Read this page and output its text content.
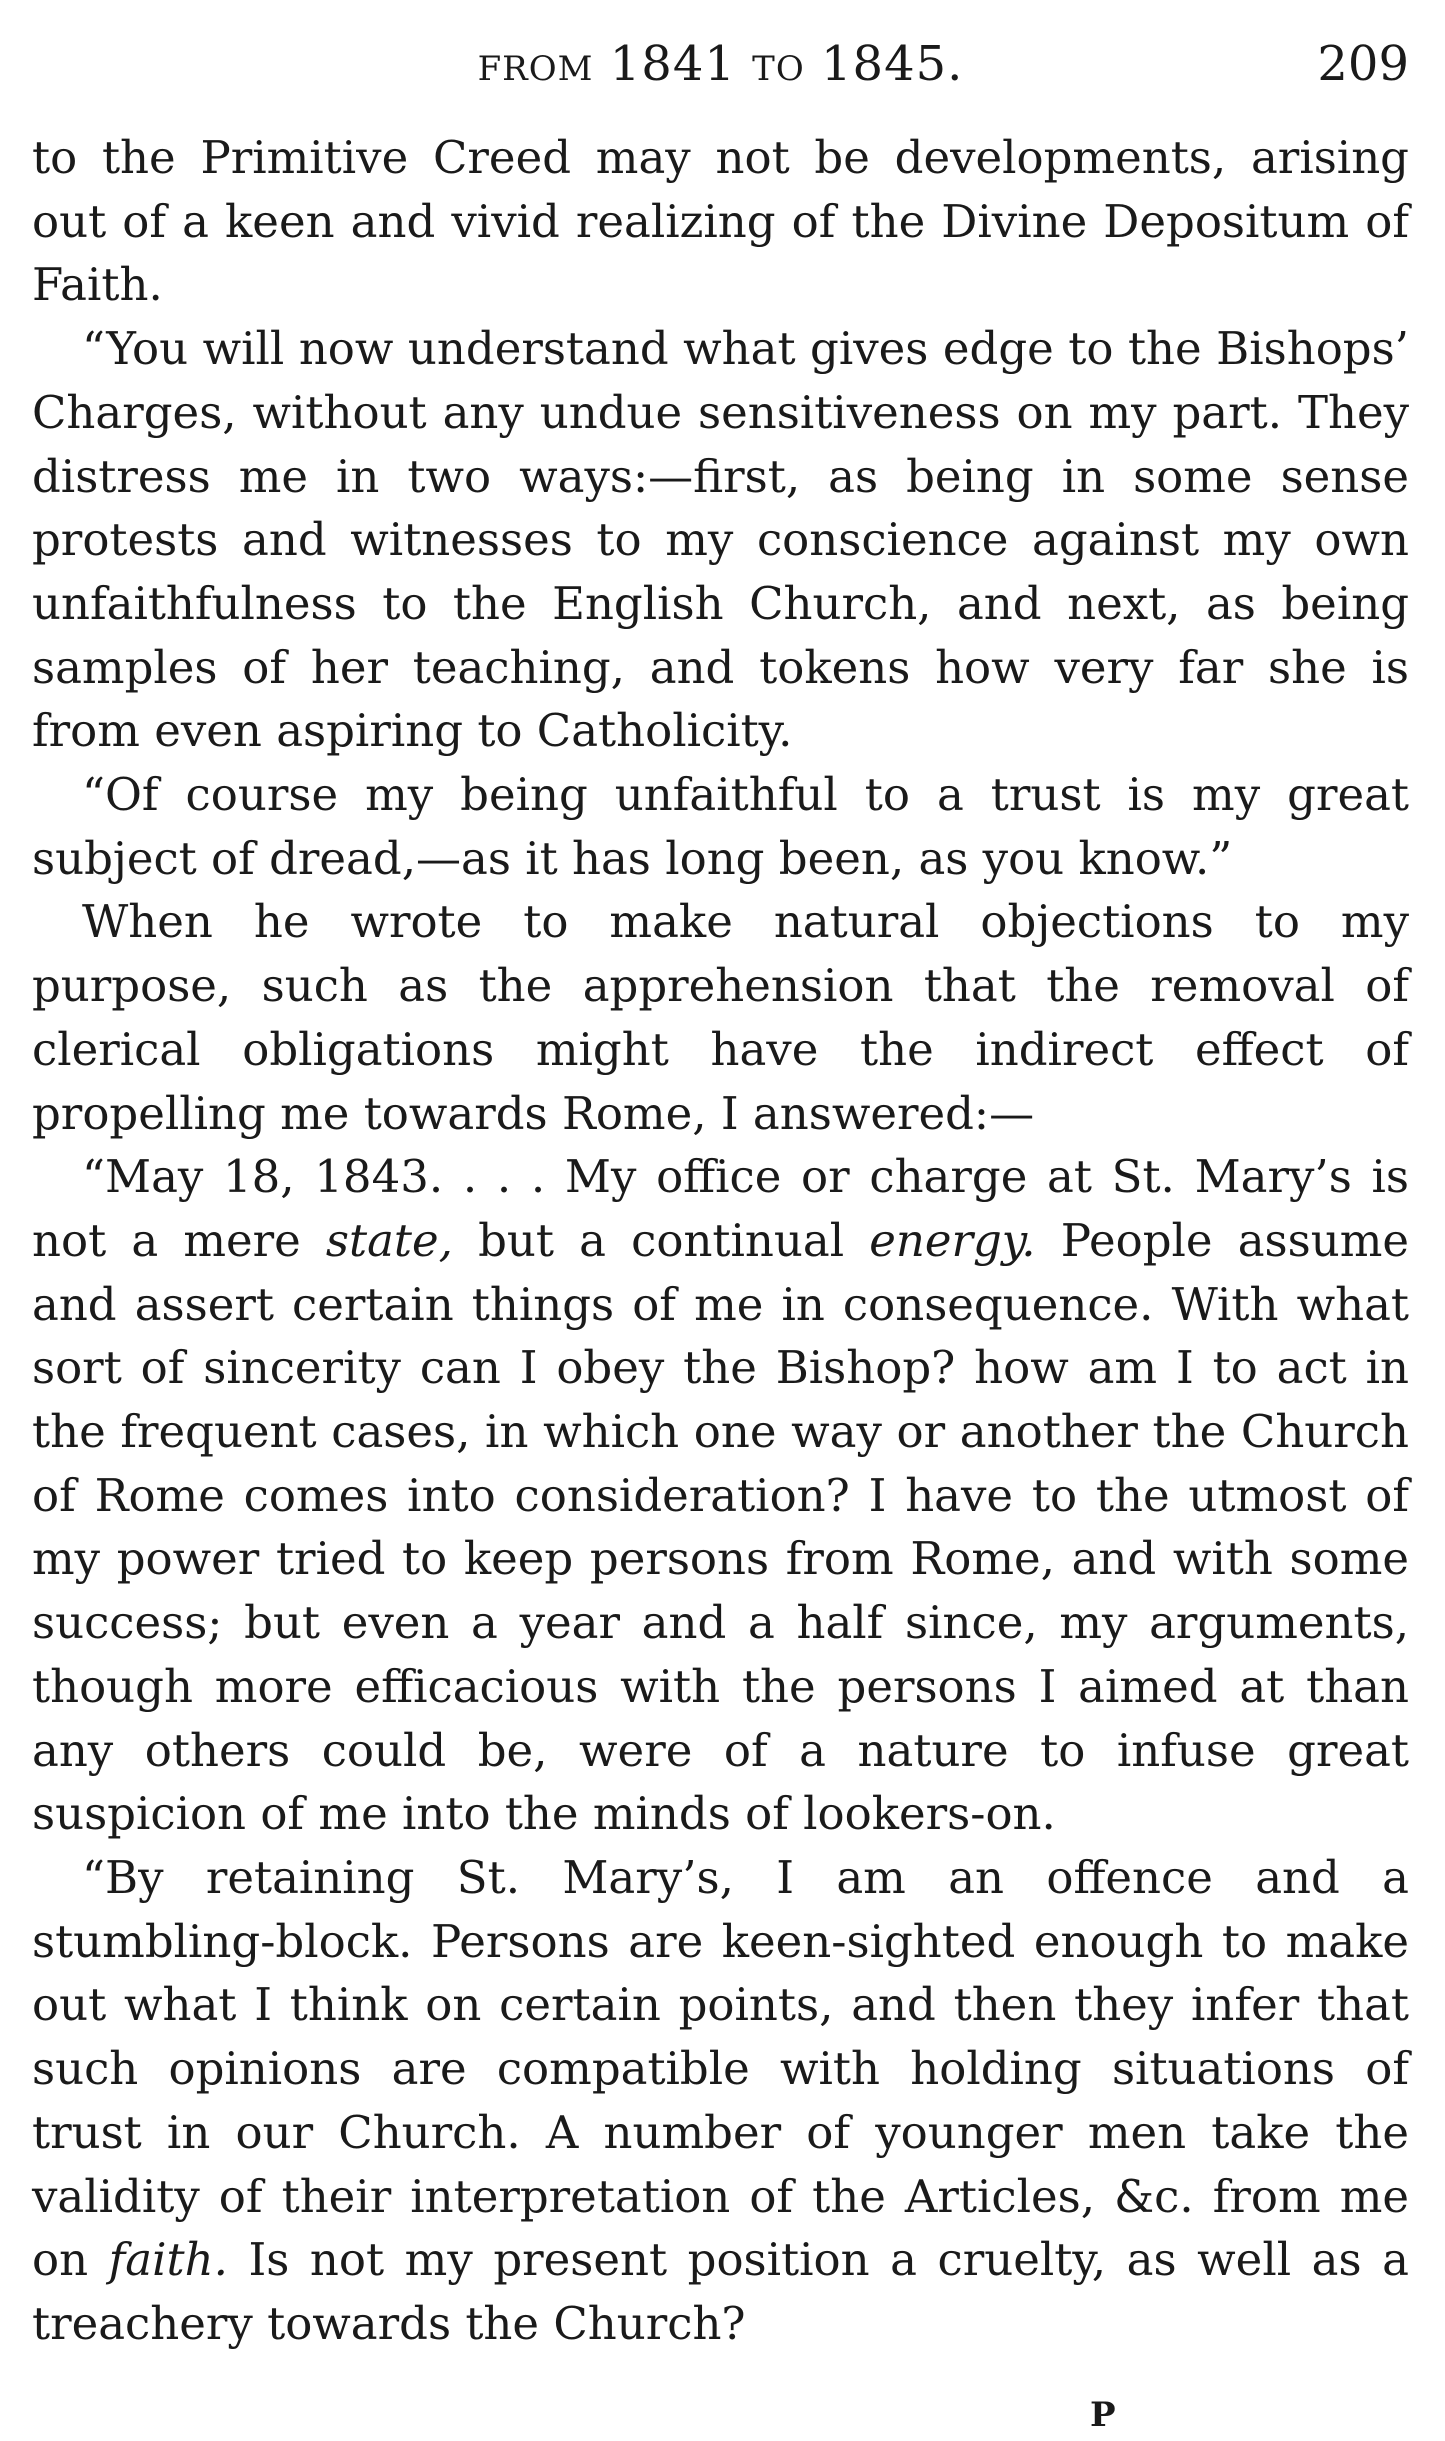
from 1841 to 1845.	209

to the Primitive Creed may not be developments, arising out of a keen and vivid realizing of the Divine Depositum of Faith.

“You will now understand what gives edge to the Bishops’ Charges, without any undue sensitiveness on my part. They distress me in two ways:—first, as being in some sense protests and witnesses to my conscience against my own unfaithfulness to the English Church, and next, as being samples of her teaching, and tokens how very far she is from even aspiring to Catholicity.

“Of course my being unfaithful to a trust is my great subject of dread,—as it has long been, as you know.”

When he wrote to make natural objections to my purpose, such as the apprehension that the removal of clerical obligations might have the indirect effect of propelling me towards Rome, I answered:—

“May 18, 1843. . . . My office or charge at St. Mary’s is not a mere state, but a continual energy. People assume and assert certain things of me in consequence. With what sort of sincerity can I obey the Bishop? how am I to act in the frequent cases, in which one way or another the Church of Rome comes into consideration? I have to the utmost of my power tried to keep persons from Rome, and with some success; but even a year and a half since, my arguments, though more efficacious with the persons I aimed at than any others could be, were of a nature to infuse great suspicion of me into the minds of lookers-on.

“By retaining St. Mary’s, I am an offence and a stumbling-block. Persons are keen-sighted enough to make out what I think on certain points, and then they infer that such opinions are compatible with holding situations of trust in our Church. A number of younger men take the validity of their interpretation of the Articles, &c. from me on faith. Is not my present position a cruelty, as well as a treachery towards the Church?

P
